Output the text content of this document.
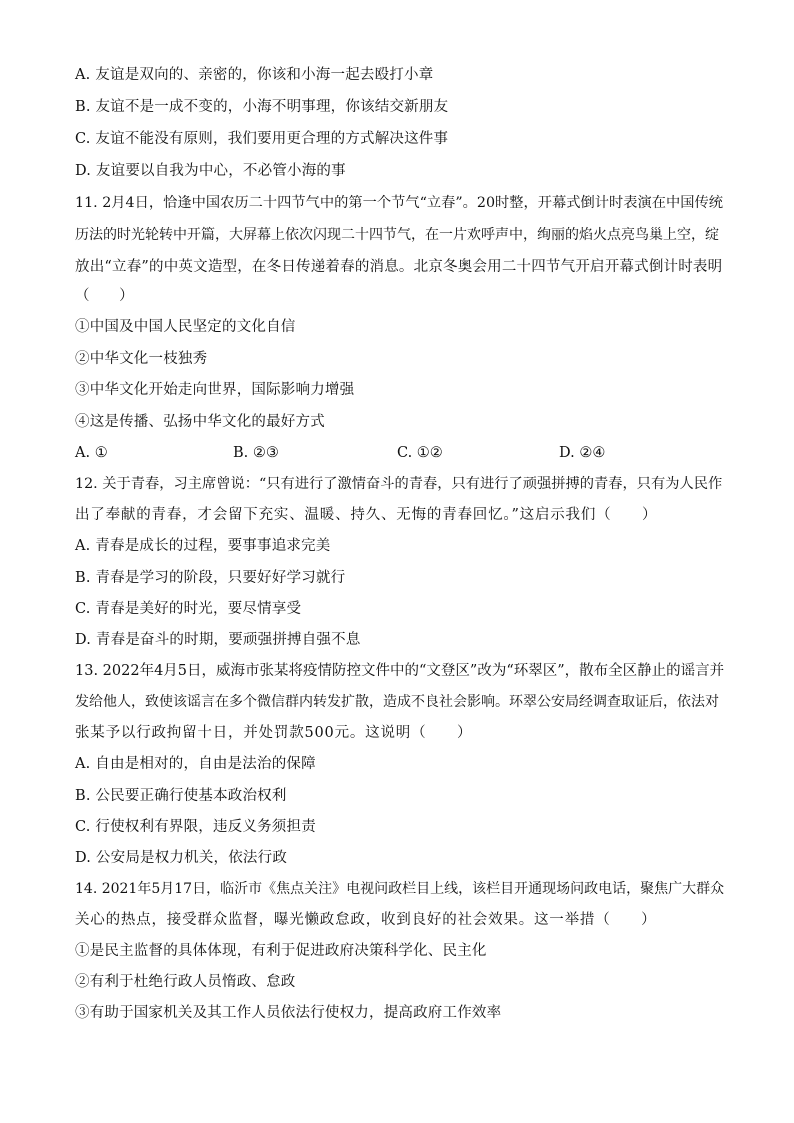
A. 友谊是双向的、亲密的，你该和小海一起去殴打小章
B. 友谊不是一成不变的，小海不明事理，你该结交新朋友
C. 友谊不能没有原则，我们要用更合理的方式解决这件事
D. 友谊要以自我为中心，不必管小海的事
11. 2月4日，恰逢中国农历二十四节气中的第一个节气“立春”。20时整，开幕式倒计时表演在中国传统
历法的时光轮转中开篇，大屏幕上依次闪现二十四节气，在一片欢呼声中，绚丽的焰火点亮鸟巢上空，绽
放出“立春”的中英文造型，在冬日传递着春的消息。北京冬奥会用二十四节气开启开幕式倒计时表明
（　　）
①中国及中国人民坚定的文化自信
②中华文化一枝独秀
③中华文化开始走向世界，国际影响力增强
④这是传播、弘扬中华文化的最好方式
A. ①	B. ②③	C. ①②	D. ②④
12. 关于青春，习主席曾说：“只有进行了激情奋斗的青春，只有进行了顽强拼搏的青春，只有为人民作
出了奉献的青春，才会留下充实、温暖、持久、无悔的青春回忆。”这启示我们（　　）
A. 青春是成长的过程，要事事追求完美
B. 青春是学习的阶段，只要好好学习就行
C. 青春是美好的时光，要尽情享受
D. 青春是奋斗的时期，要顽强拼搏自强不息
13. 2022年4月5日，威海市张某将疫情防控文件中的“文登区”改为“环翠区”，散布全区静止的谣言并
发给他人，致使该谣言在多个微信群内转发扩散，造成不良社会影响。环翠公安局经调查取证后，依法对
张某予以行政拘留十日，并处罚款500元。这说明（　　）
A. 自由是相对的，自由是法治的保障
B. 公民要正确行使基本政治权利
C. 行使权利有界限，违反义务须担责
D. 公安局是权力机关，依法行政
14. 2021年5月17日，临沂市《焦点关注》电视问政栏目上线，该栏目开通现场问政电话，聚焦广大群众
关心的热点，接受群众监督，曝光懒政怠政，收到良好的社会效果。这一举措（　　）
①是民主监督的具体体现，有利于促进政府决策科学化、民主化
②有利于杜绝行政人员惰政、怠政
③有助于国家机关及其工作人员依法行使权力，提高政府工作效率
